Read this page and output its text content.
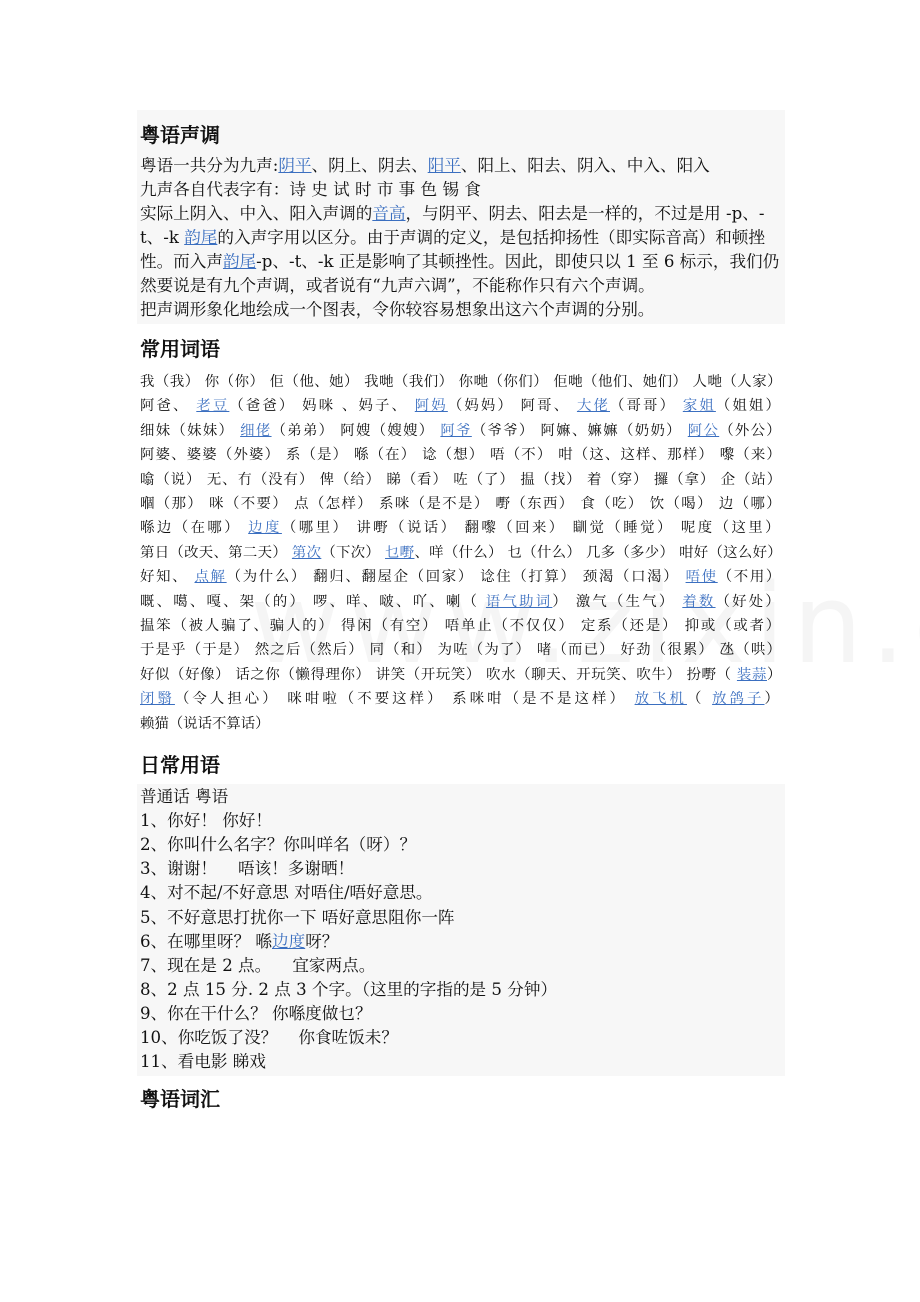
粤语声调

粤语一共分为九声:阴平、阴上、阴去、阳平、阳上、阳去、阴入、中入、阳入

九声各自代表字有：诗 史 试 时 市 事 色 锡 食

实际上阴入、中入、阳入声调的音高，与阴平、阴去、阳去是一样的，不过是用 -p、-t、-k 韵尾的入声字用以区分。由于声调的定义，是包括抑扬性（即实际音高）和顿挫性。而入声韵尾-p、-t、-k 正是影响了其顿挫性。因此，即使只以 1 至 6 标示，我们仍然要说是有九个声调，或者说有“九声六调”，不能称作只有六个声调。

把声调形象化地绘成一个图表，令你较容易想象出这六个声调的分别。

常用词语

我（我） 你（你） 佢（他、她） 我哋（我们） 你哋（你们） 佢哋（他们、她们） 人哋（人家） 阿爸、 老豆（爸爸） 妈咪 、妈子、 阿妈（妈妈） 阿哥、 大佬（哥哥） 家姐（姐姐） 细妹（妹妹） 细佬（弟弟） 阿嫂（嫂嫂） 阿爷（爷爷） 阿嫲、嫲嫲（奶奶） 阿公（外公） 阿婆、婆婆（外婆） 系（是） 喺（在） 谂（想） 唔（不） 咁（这、这样、那样） 嚟（来） 噏（说） 无、冇（没有） 俾（给） 睇（看） 咗（了） 揾（找） 着（穿） 攞（拿） 企（站） 嗰（那） 咪（不要） 点（怎样） 系咪（是不是） 嘢（东西） 食（吃） 饮（喝） 边（哪） 喺边（在哪） 边度（哪里） 讲嘢（说话） 翻嚟（回来） 瞓觉（睡觉） 呢度（这里） 第日（改天、第二天） 第次（下次） 乜嘢、咩（什么） 乜（什么） 几多（多少） 咁好（这么好） 好知、 点解（为什么） 翻归、翻屋企（回家） 谂住（打算） 颈渴（口渴） 唔使（不用） 嘅、噶、嘎、架（的） 啰、咩、啵、吖、喇（ 语气助词） 激气（生气） 着数（好处） 揾笨（被人骗了、骗人的） 得闲（有空） 唔单止（不仅仅） 定系（还是） 抑或（或者） 于是乎（于是） 然之后（然后） 同（和） 为咗（为了） 啫（而已） 好劲（很累） 氹（哄） 好似（好像） 话之你（懒得理你） 讲笑（开玩笑） 吹水（聊天、开玩笑、吹牛） 扮嘢（ 装蒜） 闭翳（令人担心） 咪咁啦（不要这样） 系咪咁（是不是这样） 放飞机（ 放鸽子） 赖猫（说话不算话）

日常用语
普通话 粤语
1、你好！ 你好！
2、你叫什么名字？你叫咩名（呀）？
3、谢谢！    唔该！多谢晒！
4、对不起/不好意思 对唔住/唔好意思。
5、不好意思打扰你一下 唔好意思阻你一阵
6、在哪里呀？ 喺边度呀？
7、现在是 2 点。    宜家两点。
8、2 点 15 分. 2 点 3 个字。（这里的字指的是 5 分钟）
9、你在干什么？ 你喺度做乜？
10、你吃饭了没？    你食咗饭未？
11、看电影 睇戏
粤语词汇
